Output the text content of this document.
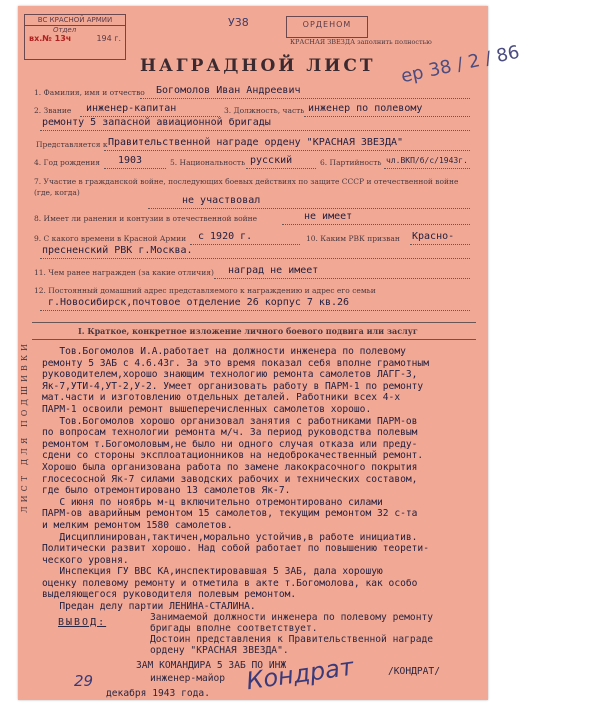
ВС КРАСНОЙ АРМИИ
Отдел
вх.№ 13ч	194 г.
У38	ОРДЕНОМ
КРАСНАЯ ЗВЕЗДА заполнить полностью
ер 38 / 2 / 86
НАГРАДНОЙ ЛИСТ
1. Фамилия, имя и отчество Богомолов Иван Андреевич
2. Звание инженер-капитан	3. Должность, часть инженер по полевому
ремонту 5 запасной авиационной бригады
Представляется к Правительственной награде ордену "КРАСНАЯ ЗВЕЗДА"
4. Год рождения 1903	5. Национальность русский	6. Партийность чл.ВКП/б/с/1943г.
7. Участие в гражданской войне, последующих боевых действиях по защите СССР и отечественной войне (где, когда)
не участвовал
8. Имеет ли ранения и контузии в отечественной войне	не имеет
9. С какого времени в Красной Армии с 1920 г.	10. Каким РВК призван Красно-
пресненский РВК г.Москва.
11. Чем ранее награжден (за какие отличия) наград не имеет
12. Постоянный домашний адрес представляемого к награждению и адрес его семьи
г.Новосибирск,почтовое отделение 26 корпус 7 кв.26
I. Краткое, конкретное изложение личного боевого подвига или заслуг
Тов.Богомолов И.А.работает на должности инженера по полевому
ремонту 5 ЗАБ с 4.6.43г. За это время показал себя вполне грамотным
руководителем,хорошо знающим технологию ремонта самолетов ЛАГГ-3,
Як-7,УТИ-4,УТ-2,У-2. Умеет организовать работу в ПАРМ-1 по ремонту
мат.части и изготовлению отдельных деталей. Работники всех 4-х
ПАРМ-1 освоили ремонт вышеперечисленных самолетов хорошо.
Тов.Богомолов хорошо организовал занятия с работниками ПАРМ-ов
по вопросам технологии ремонта м/ч. За период руководства полевым
ремонтом т.Богомоловым,не было ни одного случая отказа или преду-
сдени со стороны эксплоатационников на недоброкачественный ремонт.
Хорошо была организована работа по замене лакокрасочного покрытия
глосесосной Як-7 силами заводских рабочих и технических составом,
где было отремонтировано 13 самолетов Як-7.
С июня по ноябрь м-ц включительно отремонтировано силами
ПАРМ-ов аварийным ремонтом 15 самолетов, текущим ремонтом 32 с-та
и мелким ремонтом 1580 самолетов.
Дисциплинирован,тактичен,морально устойчив,в работе инициатив.
Политически развит хорошо. Над собой работает по повышению теорети-
ческого уровня.
Инспекция ГУ ВВС КА,инспектировавшая 5 ЗАБ, дала хорошую
оценку полевому ремонту и отметила в акте т.Богомолова, как особо
выделяющегося руководителя полевым ремонтом.
Предан делу партии ЛЕНИНА-СТАЛИНА.
ВЫВОД:	Занимаемой должности инженера по полевому ремонту
бригады вполне соответствует.
Достоин представления к Правительственной награде
ордену "КРАСНАЯ ЗВЕЗДА".
ЗАМ КОМАНДИРА 5 ЗАБ ПО ИНЖ
инженер-майор Кондрат	/КОНДРАТ/
29
декабря 1943 года.
ЛИСТ ДЛЯ ПОДШИВКИ
